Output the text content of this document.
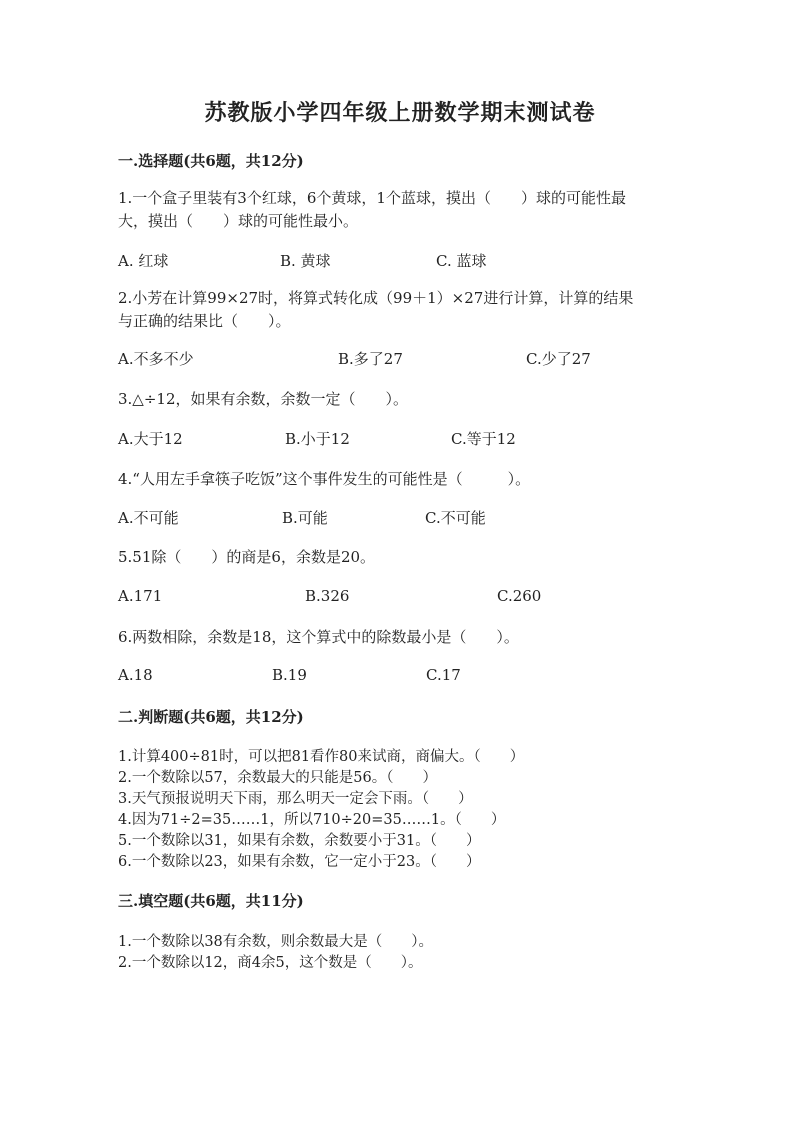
苏教版小学四年级上册数学期末测试卷
一.选择题(共6题，共12分)
1.一个盒子里装有3个红球，6个黄球，1个蓝球，摸出（　　）球的可能性最
大，摸出（　　）球的可能性最小。
A. 红球	B. 黄球	C. 蓝球
2.小芳在计算99×27时，将算式转化成（99＋1）×27进行计算，计算的结果
与正确的结果比（　　）。
A.不多不少	B.多了27	C.少了27
3.△÷12，如果有余数，余数一定（　　）。
A.大于12	B.小于12	C.等于12
4.“人用左手拿筷子吃饭”这个事件发生的可能性是（　　　）。
A.不可能	B.可能	C.不可能
5.51除（　　）的商是6，余数是20。
A.171	B.326	C.260
6.两数相除，余数是18，这个算式中的除数最小是（　　）。
A.18	B.19	C.17
二.判断题(共6题，共12分)
1.计算400÷81时，可以把81看作80来试商，商偏大。（　　）
2.一个数除以57，余数最大的只能是56。（　　）
3.天气预报说明天下雨，那么明天一定会下雨。（　　）
4.因为71÷2=35……1，所以710÷20=35……1。（　　）
5.一个数除以31，如果有余数，余数要小于31。（　　）
6.一个数除以23，如果有余数，它一定小于23。（　　）
三.填空题(共6题，共11分)
1.一个数除以38有余数，则余数最大是（　　）。
2.一个数除以12，商4余5，这个数是（　　）。
